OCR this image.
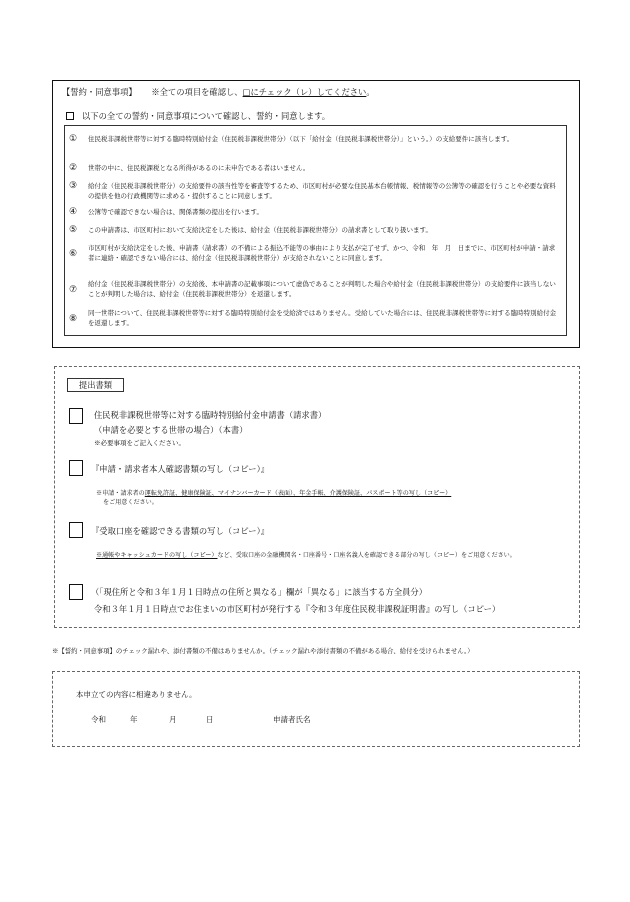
【誓約・同意事項】 ※全ての項目を確認し、□にチェック（レ）してください。
以下の全ての誓約・同意事項について確認し、誓約・同意します。
① 住民税非課税世帯等に対する臨時特別給付金（住民税非課税世帯分）（以下「給付金（住民税非課税世帯分）」という。）の支給要件に該当します。
② 世帯の中に、住民税課税となる所得があるのに未申告である者はいません。
③ 給付金（住民税非課税世帯分）の支給要件の該当性等を審査等するため、市区町村が必要な住民基本台帳情報、税情報等の公簿等の確認を行うことや必要な資料の提供を他の行政機関等に求める・提供することに同意します。
④ 公簿等で確認できない場合は、関係書類の提出を行います。
⑤ この申請書は、市区町村において支給決定をした後は、給付金（住民税非課税世帯分）の請求書として取り扱います。
⑥
市区町村が支給決定をした後、申請書（請求書）の不備による振込不能等の事由により支払が完了せず、かつ、令和　年　月　日までに、市区町村が申請・請求者に連絡・確認できない場合には、給付金（住民税非課税世帯分）が支給されないことに同意します。
⑦
給付金（住民税非課税世帯分）の支給後、本申請書の記載事項について虚偽であることが判明した場合や給付金（住民税非課税世帯分）の支給要件に該当しないことが判明した場合は、給付金（住民税非課税世帯分）を返還します。
⑧
同一世帯について、住民税非課税世帯等に対する臨時特別給付金を受給済ではありません。受給していた場合には、住民税非課税世帯等に対する臨時特別給付金を返還します。
提出書類
住民税非課税世帯等に対する臨時特別給付金申請書（請求書）
（申請を必要とする世帯の場合）（本書）
※必要事項をご記入ください。
『申請・請求者本人確認書類の写し（コピー）』
※申請・請求者の運転免許証、健康保険証、マイナンバーカード（表面）、年金手帳、介護保険証、パスポート等の写し（コピー）
をご用意ください。
『受取口座を確認できる書類の写し（コピー）』
※通帳やキャッシュカードの写し（コピー）など、受取口座の金融機関名・口座番号・口座名義人を確認できる部分の写し（コピー）をご用意ください。
（「現住所と令和３年１月１日時点の住所と異なる」欄が「異なる」に該当する方全員分）
令和３年１月１日時点でお住まいの市区町村が発行する『令和３年度住民税非課税証明書』の写し（コピー）
※【誓約・同意事項】のチェック漏れや、添付書類の不備はありませんか。（チェック漏れや添付書類の不備がある場合、給付を受けられません。）
本申立ての内容に相違ありません。
令和	年	月	日	申請者氏名
